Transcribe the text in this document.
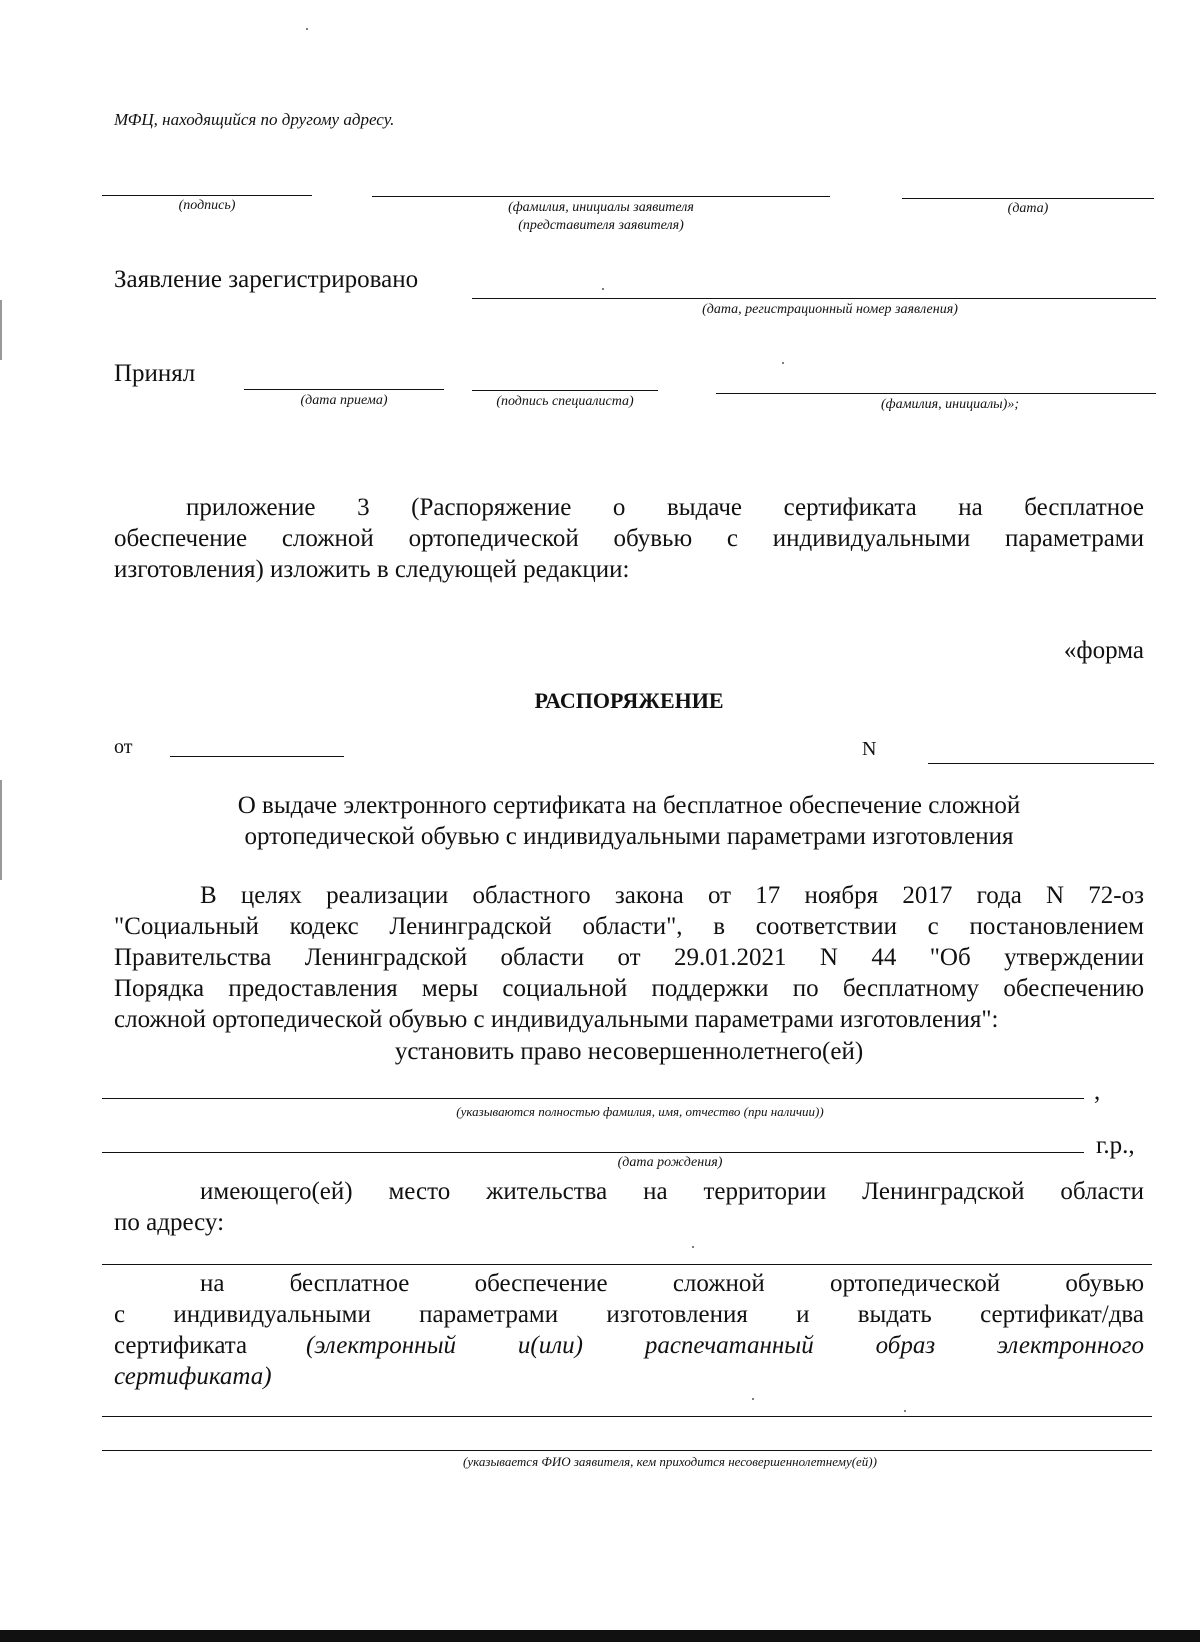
МФЦ, находящийся по другому адресу.
(подпись)	(фамилия, инициалы заявителя
(представителя заявителя)
(дата)
Заявление зарегистрировано
(дата, регистрационный номер заявления)
Принял
(дата приема)	(подпись специалиста)	(фамилия, инициалы)»;
приложение 3 (Распоряжение о выдаче сертификата на бесплатное
обеспечение сложной ортопедической обувью с индивидуальными параметрами
изготовления) изложить в следующей редакции:
«форма
РАСПОРЯЖЕНИЕ
от	N
О выдаче электронного сертификата на бесплатное обеспечение сложной
ортопедической обувью с индивидуальными параметрами изготовления
В целях реализации областного закона от 17 ноября 2017 года N 72-оз
"Социальный кодекс Ленинградской области", в соответствии с постановлением
Правительства Ленинградской области от 29.01.2021 N 44 "Об утверждении
Порядка предоставления меры социальной поддержки по бесплатному обеспечению
сложной ортопедической обувью с индивидуальными параметрами изготовления":
установить право несовершеннолетнего(ей)
,
(указываются полностью фамилия, имя, отчество (при наличии))
г.р.,
(дата рождения)
имеющего(ей) место жительства на территории Ленинградской области
по адресу:
на бесплатное обеспечение сложной ортопедической обувью
с индивидуальными параметрами изготовления и выдать сертификат/два
сертификата (электронный и(или) распечатанный образ электронного
сертификата)
(указывается ФИО заявителя, кем приходится несовершеннолетнему(ей))
